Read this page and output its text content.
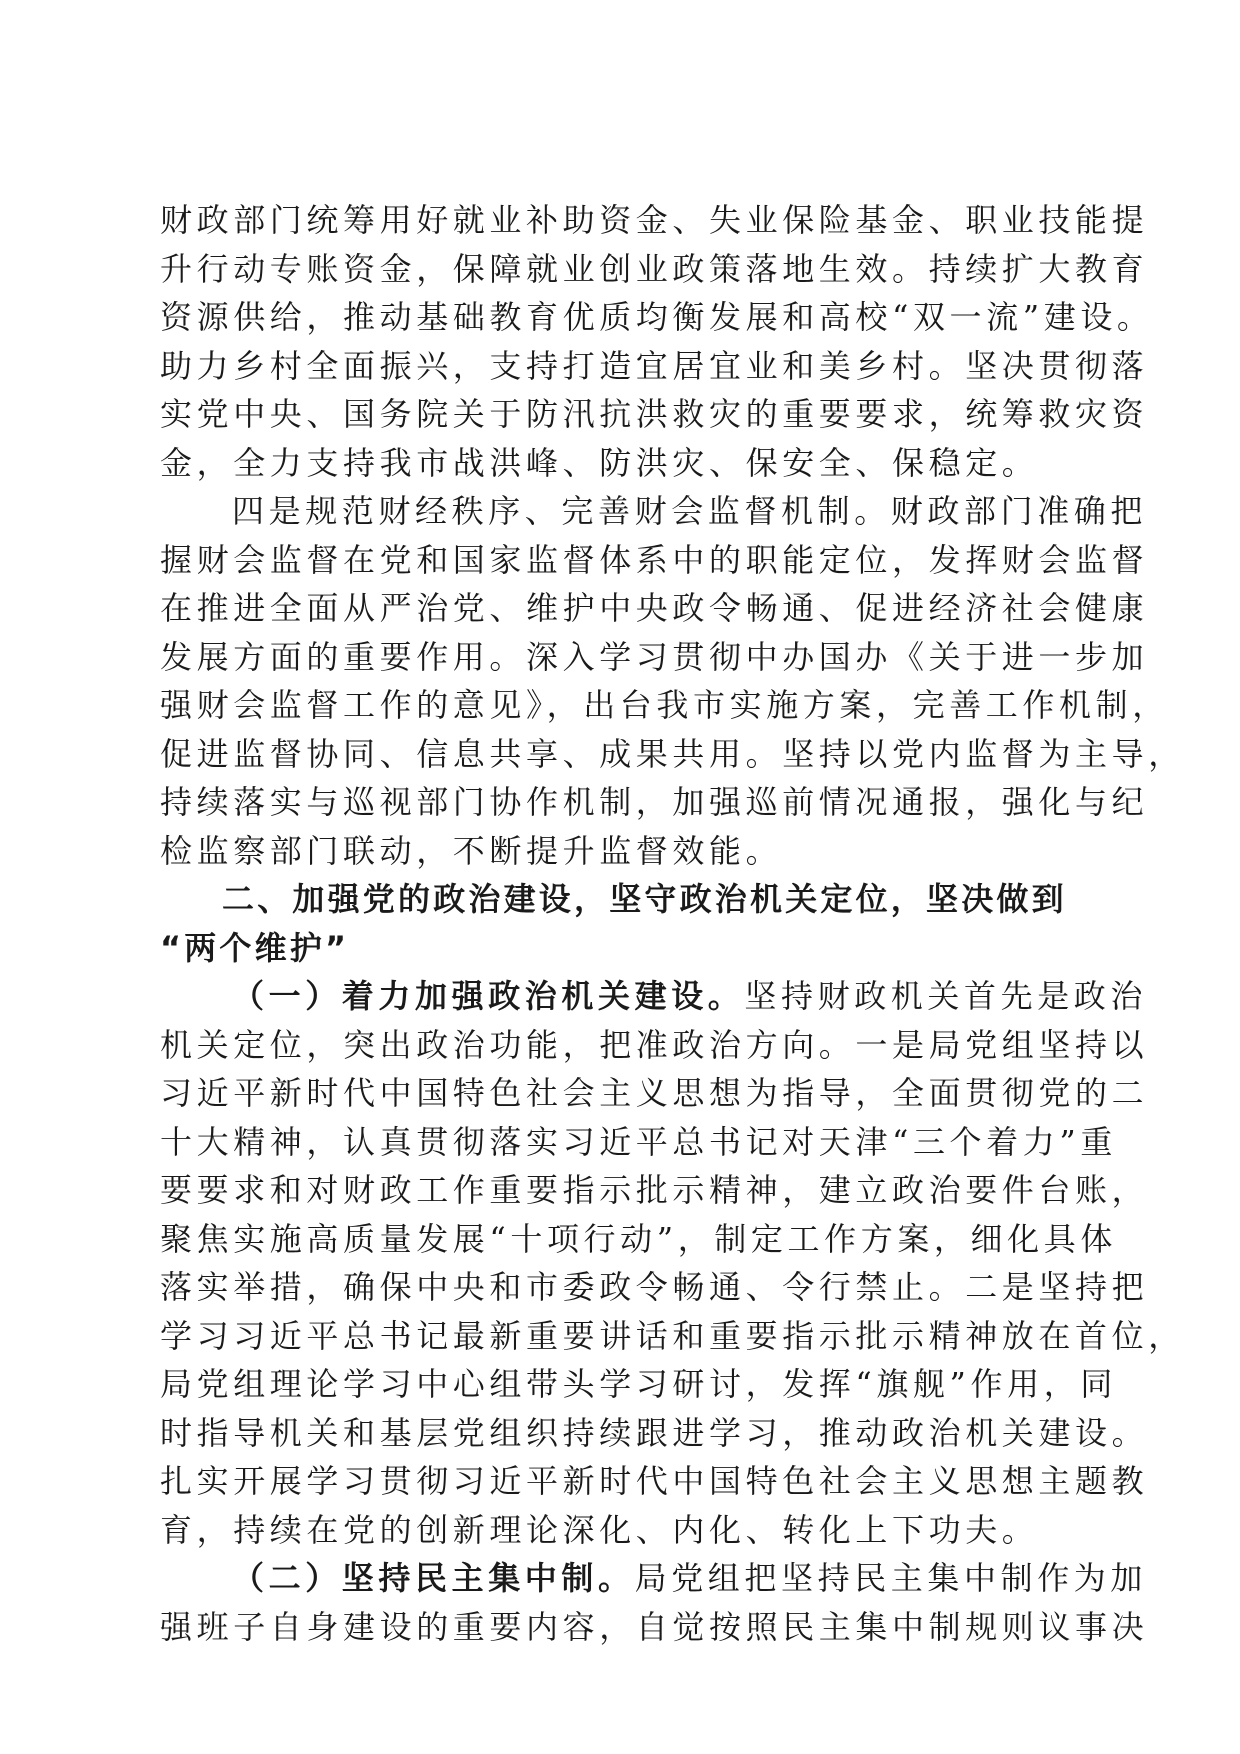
财政部门统筹用好就业补助资金、失业保险基金、职业技能提
升行动专账资金，保障就业创业政策落地生效。持续扩大教育
资源供给，推动基础教育优质均衡发展和高校“双一流”建设。
助力乡村全面振兴，支持打造宜居宜业和美乡村。坚决贯彻落
实党中央、国务院关于防汛抗洪救灾的重要要求，统筹救灾资
金，全力支持我市战洪峰、防洪灾、保安全、保稳定。
四是规范财经秩序、完善财会监督机制。财政部门准确把
握财会监督在党和国家监督体系中的职能定位，发挥财会监督
在推进全面从严治党、维护中央政令畅通、促进经济社会健康
发展方面的重要作用。深入学习贯彻中办国办《关于进一步加
强财会监督工作的意见》，出台我市实施方案，完善工作机制，
促进监督协同、信息共享、成果共用。坚持以党内监督为主导，
持续落实与巡视部门协作机制，加强巡前情况通报，强化与纪
检监察部门联动，不断提升监督效能。
二、加强党的政治建设，坚守政治机关定位，坚决做到
“两个维护”
（一）着力加强政治机关建设。坚持财政机关首先是政治
机关定位，突出政治功能，把准政治方向。一是局党组坚持以
习近平新时代中国特色社会主义思想为指导，全面贯彻党的二
十大精神，认真贯彻落实习近平总书记对天津“三个着力”重
要要求和对财政工作重要指示批示精神，建立政治要件台账，
聚焦实施高质量发展“十项行动”，制定工作方案，细化具体
落实举措，确保中央和市委政令畅通、令行禁止。二是坚持把
学习习近平总书记最新重要讲话和重要指示批示精神放在首位，
局党组理论学习中心组带头学习研讨，发挥“旗舰”作用，同
时指导机关和基层党组织持续跟进学习，推动政治机关建设。
扎实开展学习贯彻习近平新时代中国特色社会主义思想主题教
育，持续在党的创新理论深化、内化、转化上下功夫。
（二）坚持民主集中制。局党组把坚持民主集中制作为加
强班子自身建设的重要内容，自觉按照民主集中制规则议事决
